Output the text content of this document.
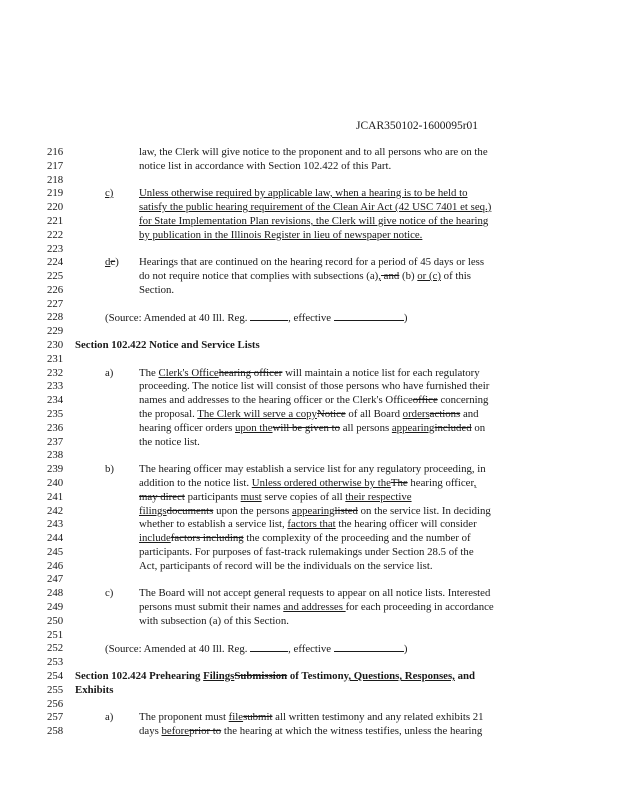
JCAR350102-1600095r01
216	law, the Clerk will give notice to the proponent and to all persons who are on the
217	notice list in accordance with Section 102.422 of this Part.
218
219	c) Unless otherwise required by applicable law, when a hearing is to be held to
220	satisfy the public hearing requirement of the Clean Air Act (42 USC 7401 et seq.)
221	for State Implementation Plan revisions, the Clerk will give notice of the hearing
222	by publication in the Illinois Register in lieu of newspaper notice.
223
224	dc) Hearings that are continued on the hearing record for a period of 45 days or less
225	do not require notice that complies with subsections (a), and (b) or (c) of this
226	Section.
227
228	(Source: Amended at 40 Ill. Reg.	, effective	)
229
230	Section 102.422 Notice and Service Lists
231
232	a) The Clerk's Officehearing officer will maintain a notice list for each regulatory
233	proceeding. The notice list will consist of those persons who have furnished their
234	names and addresses to the hearing officer or the Clerk's Officeoffice concerning
235	the proposal. The Clerk will serve a copyNotice of all Board ordersactions and
236	hearing officer orders upon thewill be given to all persons appearingincluded on
237	the notice list.
238
239	b) The hearing officer may establish a service list for any regulatory proceeding, in
240	addition to the notice list. Unless ordered otherwise by theThe hearing officer,
241	may direct participants must serve copies of all their respective
242	filingsdocuments upon the persons appearinglisted on the service list. In deciding
243	whether to establish a service list, factors that the hearing officer will consider
244	includefactors including the complexity of the proceeding and the number of
245	participants. For purposes of fast-track rulemakings under Section 28.5 of the
246	Act, participants of record will be the individuals on the service list.
247
248	c) The Board will not accept general requests to appear on all notice lists. Interested
249	persons must submit their names and addresses for each proceeding in accordance
250	with subsection (a) of this Section.
251
252	(Source: Amended at 40 Ill. Reg.	, effective	)
253
254	Section 102.424 Prehearing FilingsSubmission of Testimony, Questions, Responses, and
255	Exhibits
256
257	a) The proponent must filesubmit all written testimony and any related exhibits 21
258	days beforeprior to the hearing at which the witness testifies, unless the hearing
